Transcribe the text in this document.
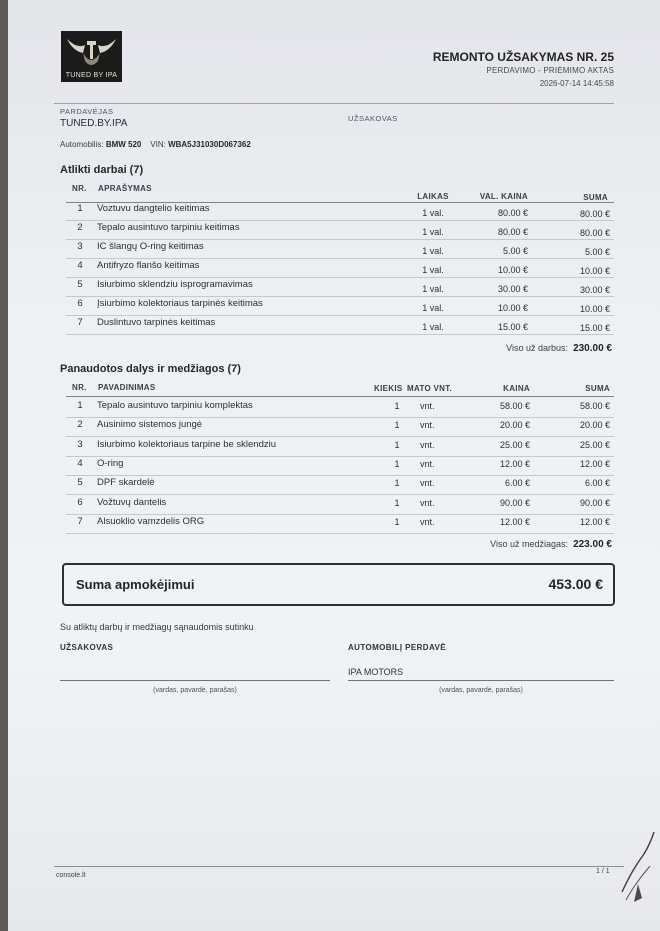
TUNED BY IPA
REMONTO UŽSAKYMAS NR. 25
PERDAVIMO - PRIĖMIMO AKTAS
2026-07-14 14:45:58
PARDAVĖJAS
TUNED.BY.IPA	UŽSAKOVAS
Automobilis: BMW 520 VIN: WBA5J31030D067362
Atlikti darbai (7)
NR. APRAŠYMAS
LAIKAS	VAL. KAINA	SUMA
1	Voztuvu dangtelio keitimas	1 val.	80.00 €	80.00 €
2	Tepalo ausintuvo tarpiniu keitimas	1 val.	80.00 €	80.00 €
3	IC šlangų O-ring keitimas	1 val.	5.00 €	5.00 €
4	Antifryzo flanšo keitimas	1 val.	10.00 €	10.00 €
5	Isiurbimo sklendziu isprogramavimas	1 val.	30.00 €	30.00 €
6	Įsiurbimo kolektoriaus tarpinės keitimas	1 val.	10.00 €	10.00 €
7	Duslintuvo tarpinės keitimas	1 val.	15.00 €	15.00 €
Viso už darbus: 230.00 €
Panaudotos dalys ir medžiagos (7)
NR. PAVADINIMAS	KIEKIS MATO VNT.	KAINA	SUMA
1	Tepalo ausintuvo tarpiniu komplektas	1	vnt.	58.00 €	58.00 €
2	Ausinimo sistemos jungė	1	vnt.	20.00 €	20.00 €
3	Isiurbimo kolektoriaus tarpine be sklendziu	1	vnt.	25.00 €	25.00 €
4	O-ring	1	vnt.	12.00 €	12.00 €
5	DPF skardelė	1	vnt.	6.00 €	6.00 €
6	Vožtuvų dantelis	1	vnt.	90.00 €	90.00 €
7	Alsuoklio vamzdelis ORG	1	vnt.	12.00 €	12.00 €
Viso už medžiagas: 223.00 €
Suma apmokėjimui	453.00 €
Su atliktų darbų ir medžiagų sąnaudomis sutinku
UŽSAKOVAS	AUTOMOBILĮ PERDAVĖ
IPA MOTORS
(vardas, pavardė, parašas)	(vardas, pavardė, parašas)
console.lt
1 / 1
